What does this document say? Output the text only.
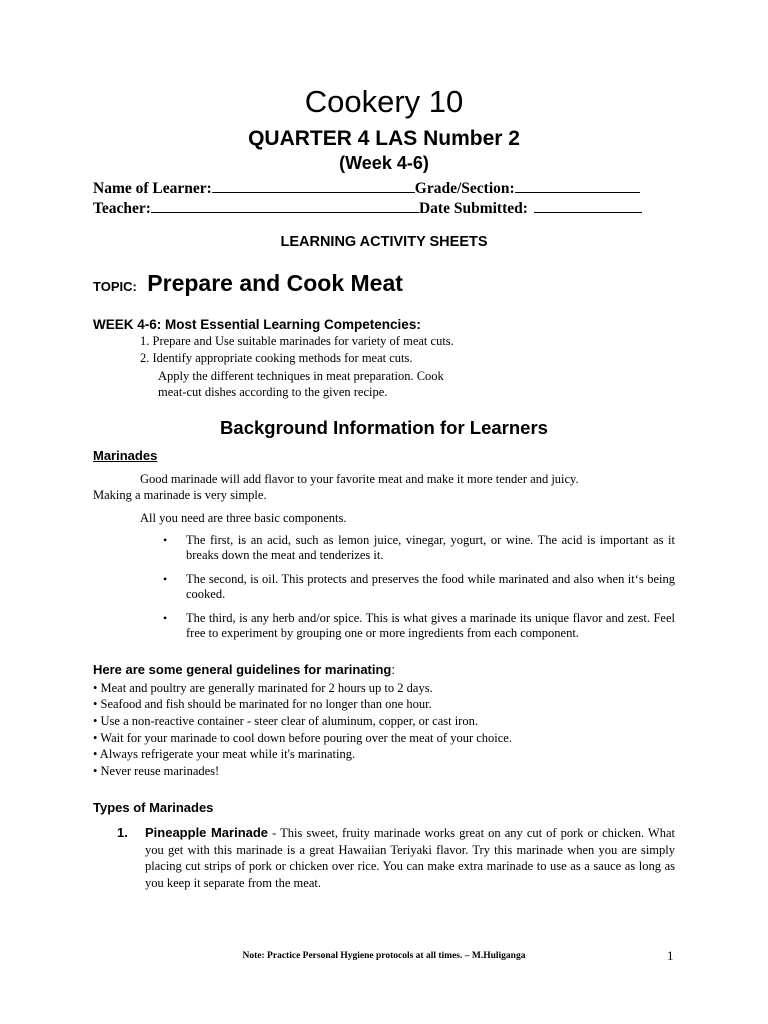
Cookery 10
QUARTER 4 LAS Number 2
(Week 4-6)
Name of Learner:	Grade/Section:
Teacher:	Date Submitted:
LEARNING ACTIVITY SHEETS
TOPIC: Prepare and Cook Meat
WEEK 4-6: Most Essential Learning Competencies:
1. Prepare and Use suitable marinades for variety of meat cuts.
2. Identify appropriate cooking methods for meat cuts.
Apply the different techniques in meat preparation. Cook
meat-cut dishes according to the given recipe.
Background Information for Learners
Marinades
Good marinade will add flavor to your favorite meat and make it more tender and juicy.
Making a marinade is very simple.
All you need are three basic components.
• The first, is an acid, such as lemon juice, vinegar, yogurt, or wine. The acid is important as it breaks down the meat and tenderizes it.
• The second, is oil. This protects and preserves the food while marinated and also when it‘s being cooked.
• The third, is any herb and/or spice. This is what gives a marinade its unique flavor and zest. Feel free to experiment by grouping one or more ingredients from each component.
Here are some general guidelines for marinating:
• Meat and poultry are generally marinated for 2 hours up to 2 days.
• Seafood and fish should be marinated for no longer than one hour.
• Use a non-reactive container - steer clear of aluminum, copper, or cast iron.
• Wait for your marinade to cool down before pouring over the meat of your choice.
• Always refrigerate your meat while it's marinating.
• Never reuse marinades!
Types of Marinades
1. Pineapple Marinade - This sweet, fruity marinade works great on any cut of pork or chicken. What you get with this marinade is a great Hawaiian Teriyaki flavor. Try this marinade when you are simply placing cut strips of pork or chicken over rice. You can make extra marinade to use as a sauce as long as you keep it separate from the meat.
Note: Practice Personal Hygiene protocols at all times. – M.Huliganga	1
